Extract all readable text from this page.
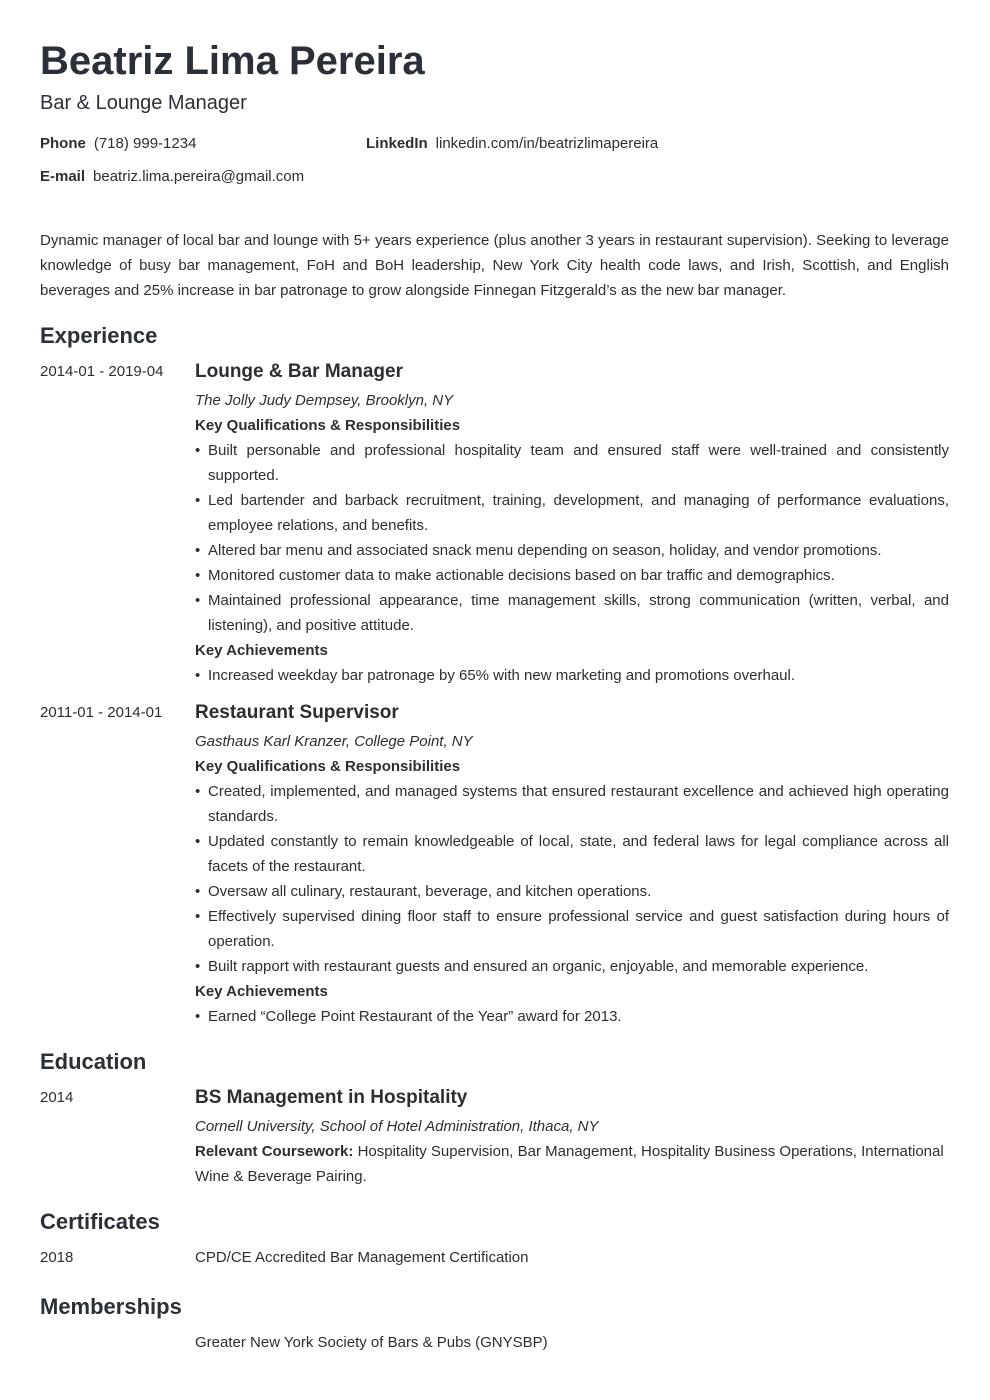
Beatriz Lima Pereira
Bar & Lounge Manager
Phone (718) 999-1234	LinkedIn linkedin.com/in/beatrizlimapereira
E-mail beatriz.lima.pereira@gmail.com
Dynamic manager of local bar and lounge with 5+ years experience (plus another 3 years in restaurant supervision). Seeking to leverage knowledge of busy bar management, FoH and BoH leadership, New York City health code laws, and Irish, Scottish, and English beverages and 25% increase in bar patronage to grow alongside Finnegan Fitzgerald’s as the new bar manager.
Experience
2014-01 - 2019-04	Lounge & Bar Manager
The Jolly Judy Dempsey, Brooklyn, NY
Key Qualifications & Responsibilities
• Built personable and professional hospitality team and ensured staff were well-trained and consistently supported.
• Led bartender and barback recruitment, training, development, and managing of performance evaluations, employee relations, and benefits.
• Altered bar menu and associated snack menu depending on season, holiday, and vendor promotions.
• Monitored customer data to make actionable decisions based on bar traffic and demographics.
• Maintained professional appearance, time management skills, strong communication (written, verbal, and listening), and positive attitude.
Key Achievements
• Increased weekday bar patronage by 65% with new marketing and promotions overhaul.
2011-01 - 2014-01	Restaurant Supervisor
Gasthaus Karl Kranzer, College Point, NY
Key Qualifications & Responsibilities
• Created, implemented, and managed systems that ensured restaurant excellence and achieved high operating standards.
• Updated constantly to remain knowledgeable of local, state, and federal laws for legal compliance across all facets of the restaurant.
• Oversaw all culinary, restaurant, beverage, and kitchen operations.
• Effectively supervised dining floor staff to ensure professional service and guest satisfaction during hours of operation.
• Built rapport with restaurant guests and ensured an organic, enjoyable, and memorable experience.
Key Achievements
• Earned “College Point Restaurant of the Year” award for 2013.
Education
2014	BS Management in Hospitality
Cornell University, School of Hotel Administration, Ithaca, NY
Relevant Coursework: Hospitality Supervision, Bar Management, Hospitality Business Operations, International Wine & Beverage Pairing.
Certificates
2018	CPD/CE Accredited Bar Management Certification
Memberships
Greater New York Society of Bars & Pubs (GNYSBP)
